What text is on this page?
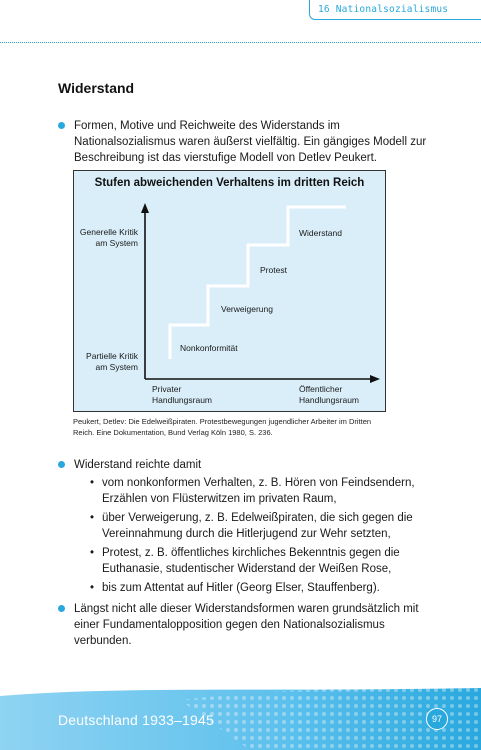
16 Nationalsozialismus
Widerstand

Formen, Motive und Reichweite des Widerstands im Nationalsozialismus waren äußerst vielfältig. Ein gängiges Modell zur Beschreibung ist das vierstufige Modell von Detlev Peukert.

Stufen abweichenden Verhaltens im dritten Reich
Generelle Kritik
am System
Partielle Kritik
am System
Privater
Handlungsraum
Öffentlicher
Handlungsraum
Nonkonformität
Verweigerung
Protest
Widerstand
Peukert, Detlev: Die Edelweißpiraten. Protestbewegungen jugendlicher Arbeiter im Dritten Reich. Eine Dokumentation, Bund Verlag Köln 1980, S. 236.

Widerstand reichte damit

• vom nonkonformen Verhalten, z. B. Hören von Feindsendern, Erzählen von Flüsterwitzen im privaten Raum,
• über Verweigerung, z. B. Edelweißpiraten, die sich gegen die Vereinnahmung durch die Hitlerjugend zur Wehr setzten,
• Protest, z. B. öffentliches kirchliches Bekenntnis gegen die Euthanasie, studentischer Widerstand der Weißen Rose,
• bis zum Attentat auf Hitler (Georg Elser, Stauffenberg).

Längst nicht alle dieser Widerstandsformen waren grundsätzlich mit einer Fundamentalopposition gegen den Nationalsozialismus verbunden.

Deutschland 1933–1945	97
